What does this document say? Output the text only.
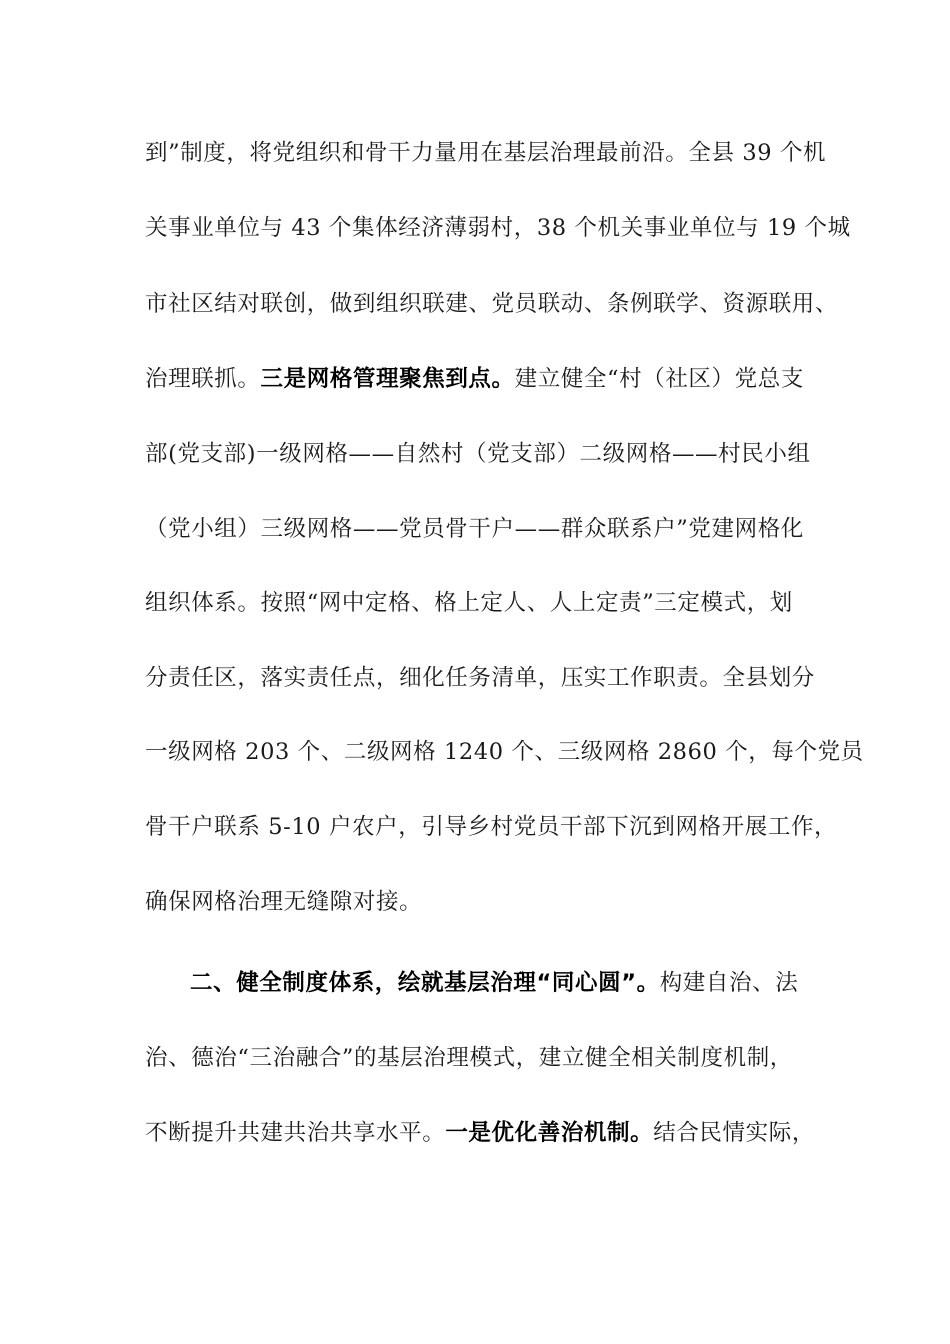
到”制度，将党组织和骨干力量用在基层治理最前沿。全县 39 个机
关事业单位与 43 个集体经济薄弱村，38 个机关事业单位与 19 个城
市社区结对联创，做到组织联建、党员联动、条例联学、资源联用、
治理联抓。三是网格管理聚焦到点。建立健全“村（社区）党总支
部(党支部)一级网格——自然村（党支部）二级网格——村民小组
（党小组）三级网格——党员骨干户——群众联系户”党建网格化
组织体系。按照“网中定格、格上定人、人上定责”三定模式，划
分责任区，落实责任点，细化任务清单，压实工作职责。全县划分
一级网格 203 个、二级网格 1240 个、三级网格 2860 个，每个党员
骨干户联系 5-10 户农户，引导乡村党员干部下沉到网格开展工作，
确保网格治理无缝隙对接。
二、健全制度体系，绘就基层治理“同心圆”。构建自治、法
治、德治“三治融合”的基层治理模式，建立健全相关制度机制，
不断提升共建共治共享水平。一是优化善治机制。结合民情实际，
